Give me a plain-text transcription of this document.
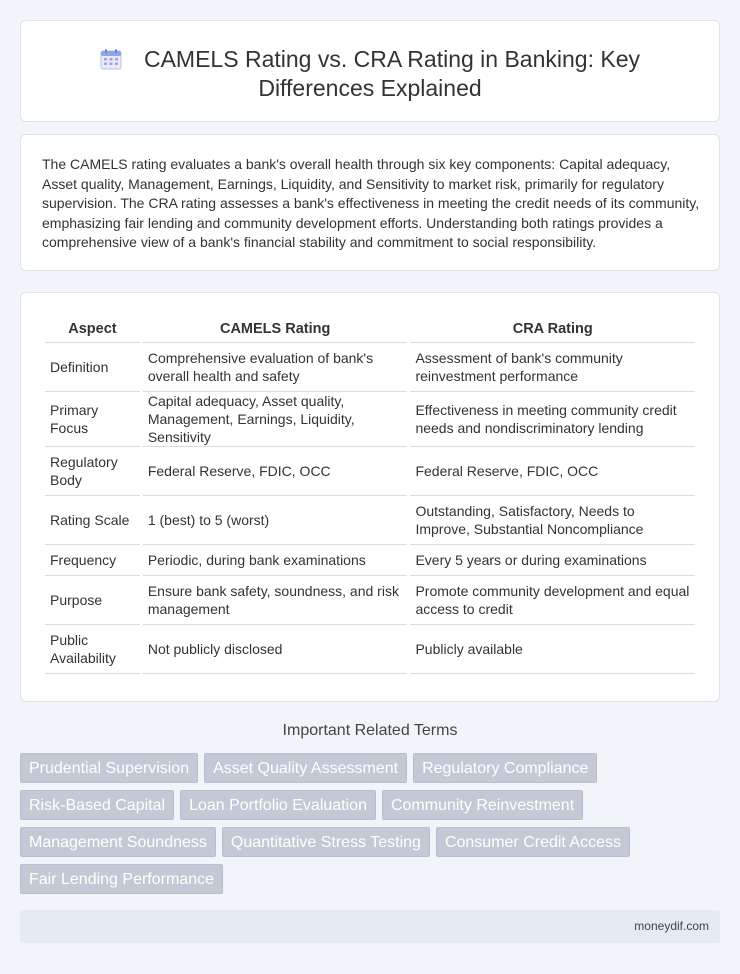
CAMELS Rating vs. CRA Rating in Banking: Key
Differences Explained

The CAMELS rating evaluates a bank's overall health through six key components: Capital adequacy, Asset quality, Management, Earnings, Liquidity, and Sensitivity to market risk, primarily for regulatory supervision. The CRA rating assesses a bank's effectiveness in meeting the credit needs of its community, emphasizing fair lending and community development efforts. Understanding both ratings provides a comprehensive view of a bank's financial stability and commitment to social responsibility.

Aspect	CAMELS Rating	CRA Rating
Definition	Comprehensive evaluation of bank's overall health and safety	Assessment of bank's community reinvestment performance
Primary Focus	Capital adequacy, Asset quality, Management, Earnings, Liquidity, Sensitivity	Effectiveness in meeting community credit needs and nondiscriminatory lending
Regulatory Body	Federal Reserve, FDIC, OCC	Federal Reserve, FDIC, OCC
Rating Scale	1 (best) to 5 (worst)	Outstanding, Satisfactory, Needs to Improve, Substantial Noncompliance
Frequency	Periodic, during bank examinations	Every 5 years or during examinations
Purpose	Ensure bank safety, soundness, and risk management	Promote community development and equal access to credit
Public Availability	Not publicly disclosed	Publicly available
Important Related Terms
Prudential Supervision	Asset Quality Assessment	Regulatory Compliance
Risk-Based Capital	Loan Portfolio Evaluation	Community Reinvestment
Management Soundness	Quantitative Stress Testing	Consumer Credit Access
Fair Lending Performance
moneydif.com
